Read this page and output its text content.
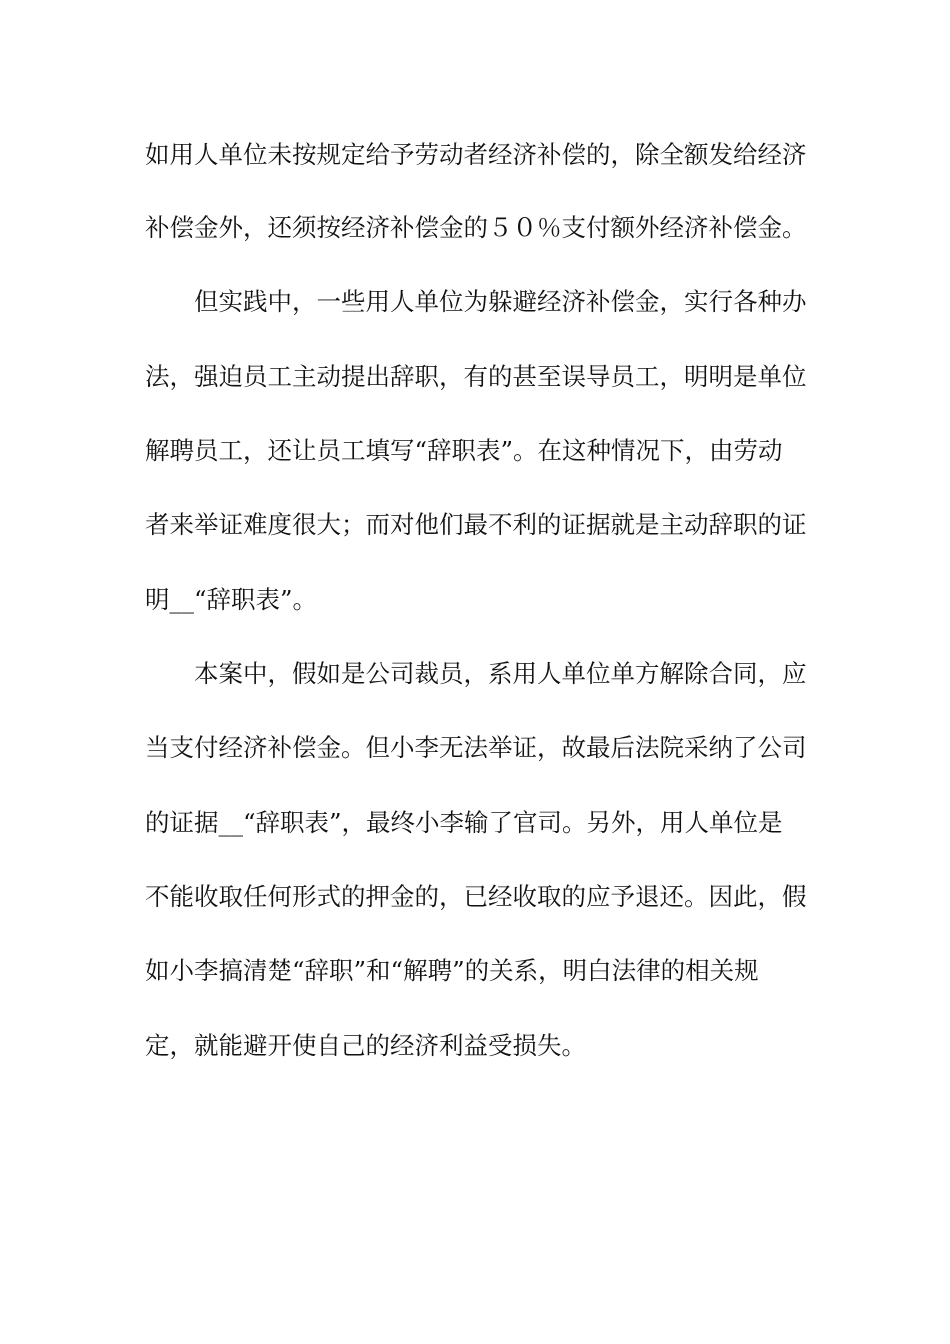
如用人单位未按规定给予劳动者经济补偿的，除全额发给经济
补偿金外，还须按经济补偿金的５０％支付额外经济补偿金。
但实践中，一些用人单位为躲避经济补偿金，实行各种办
法，强迫员工主动提出辞职，有的甚至误导员工，明明是单位
解聘员工，还让员工填写“辞职表”。在这种情况下，由劳动
者来举证难度很大；而对他们最不利的证据就是主动辞职的证
明__“辞职表”。
本案中，假如是公司裁员，系用人单位单方解除合同，应
当支付经济补偿金。但小李无法举证，故最后法院采纳了公司
的证据__“辞职表”，最终小李输了官司。另外，用人单位是
不能收取任何形式的押金的，已经收取的应予退还。因此，假
如小李搞清楚“辞职”和“解聘”的关系，明白法律的相关规
定，就能避开使自己的经济利益受损失。
